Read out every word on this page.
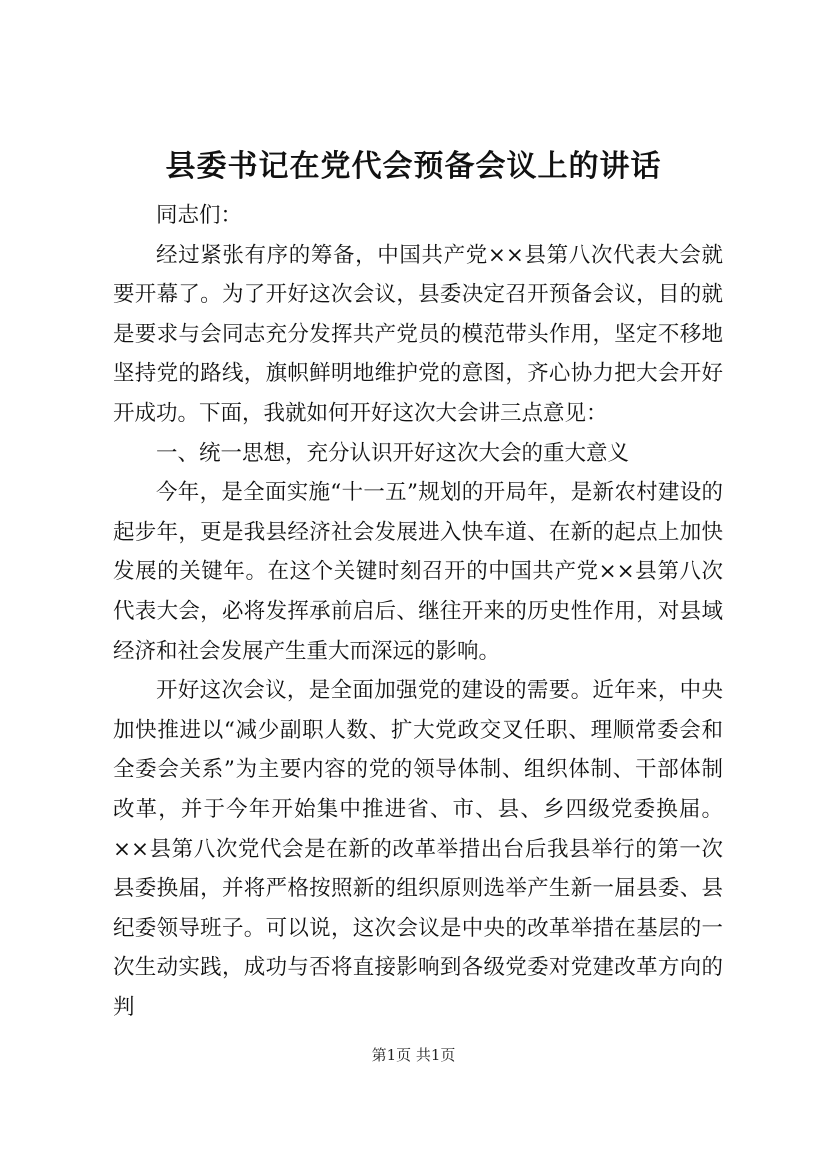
县委书记在党代会预备会议上的讲话

同志们：

经过紧张有序的筹备，中国共产党××县第八次代表大会就要开幕了。为了开好这次会议，县委决定召开预备会议，目的就是要求与会同志充分发挥共产党员的模范带头作用，坚定不移地坚持党的路线，旗帜鲜明地维护党的意图，齐心协力把大会开好开成功。下面，我就如何开好这次大会讲三点意见：

一、统一思想，充分认识开好这次大会的重大意义

今年，是全面实施“十一五”规划的开局年，是新农村建设的起步年，更是我县经济社会发展进入快车道、在新的起点上加快发展的关键年。在这个关键时刻召开的中国共产党××县第八次代表大会，必将发挥承前启后、继往开来的历史性作用，对县域经济和社会发展产生重大而深远的影响。

开好这次会议，是全面加强党的建设的需要。近年来，中央加快推进以“减少副职人数、扩大党政交叉任职、理顺常委会和全委会关系”为主要内容的党的领导体制、组织体制、干部体制改革，并于今年开始集中推进省、市、县、乡四级党委换届。××县第八次党代会是在新的改革举措出台后我县举行的第一次县委换届，并将严格按照新的组织原则选举产生新一届县委、县纪委领导班子。可以说，这次会议是中央的改革举措在基层的一次生动实践，成功与否将直接影响到各级党委对党建改革方向的判

第1页 共1页
